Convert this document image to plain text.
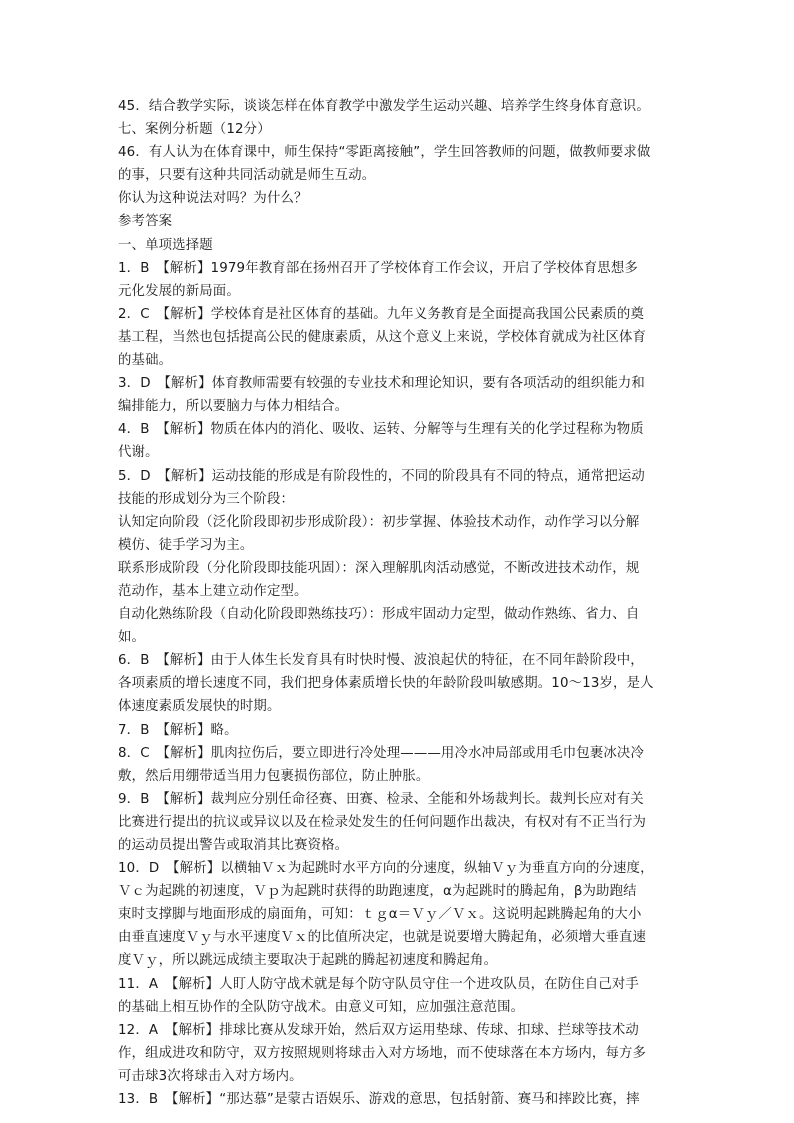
45．结合教学实际，谈谈怎样在体育教学中激发学生运动兴趣、培养学生终身体育意识。

七、案例分析题（12分）

46．有人认为在体育课中，师生保持“零距离接触”，学生回答教师的问题，做教师要求做

的事，只要有这种共同活动就是师生互动。

你认为这种说法对吗？为什么？

参考答案

一、单项选择题

1．B　【解析】1979年教育部在扬州召开了学校体育工作会议，开启了学校体育思想多

元化发展的新局面。

2．C　【解析】学校体育是社区体育的基础。九年义务教育是全面提高我国公民素质的奠

基工程，当然也包括提高公民的健康素质，从这个意义上来说，学校体育就成为社区体育

的基础。

3．D　【解析】体育教师需要有较强的专业技术和理论知识，要有各项活动的组织能力和

编排能力，所以要脑力与体力相结合。

4．B　【解析】物质在体内的消化、吸收、运转、分解等与生理有关的化学过程称为物质

代谢。

5．D　【解析】运动技能的形成是有阶段性的，不同的阶段具有不同的特点，通常把运动

技能的形成划分为三个阶段：

认知定向阶段（泛化阶段即初步形成阶段）：初步掌握、体验技术动作，动作学习以分解

模仿、徒手学习为主。

联系形成阶段（分化阶段即技能巩固）：深入理解肌肉活动感觉，不断改进技术动作，规

范动作，基本上建立动作定型。

自动化熟练阶段（自动化阶段即熟练技巧）：形成牢固动力定型，做动作熟练、省力、自

如。

6．B　【解析】由于人体生长发育具有时快时慢、波浪起伏的特征，在不同年龄阶段中，

各项素质的增长速度不同，我们把身体素质增长快的年龄阶段叫敏感期。10～13岁，是人

体速度素质发展快的时期。

7．B　【解析】略。

8．C　【解析】肌肉拉伤后，要立即进行冷处理———用冷水冲局部或用毛巾包裹冰决冷

敷，然后用绷带适当用力包裹损伤部位，防止肿胀。

9．B　【解析】裁判应分别任命径赛、田赛、检录、全能和外场裁判长。裁判长应对有关

比赛进行提出的抗议或异议以及在检录处发生的任何问题作出裁决，有权对有不正当行为

的运动员提出警告或取消其比赛资格。

10．D　【解析】以横轴Ｖｘ为起跳时水平方向的分速度，纵轴Ｖｙ为垂直方向的分速度，

Ｖｃ为起跳的初速度，Ｖｐ为起跳时获得的助跑速度，α为起跳时的腾起角，β为助跑结

束时支撑脚与地面形成的扇面角，可知：ｔｇα＝Ｖｙ／Ｖｘ。这说明起跳腾起角的大小

由垂直速度Ｖｙ与水平速度Ｖｘ的比值所决定，也就是说要增大腾起角，必须增大垂直速

度Ｖｙ，所以跳远成绩主要取决于起跳的腾起初速度和腾起角。

11．A　【解析】人盯人防守战术就是每个防守队员守住一个进攻队员，在防住自己对手

的基础上相互协作的全队防守战术。由意义可知，应加强注意范围。

12．A　【解析】排球比赛从发球开始，然后双方运用垫球、传球、扣球、拦球等技术动

作，组成进攻和防守，双方按照规则将球击入对方场地，而不使球落在本方场内，每方多

可击球3次将球击入对方场内。

13．B　【解析】“那达慕”是蒙古语娱乐、游戏的意思，包括射箭、赛马和摔跤比赛，摔
